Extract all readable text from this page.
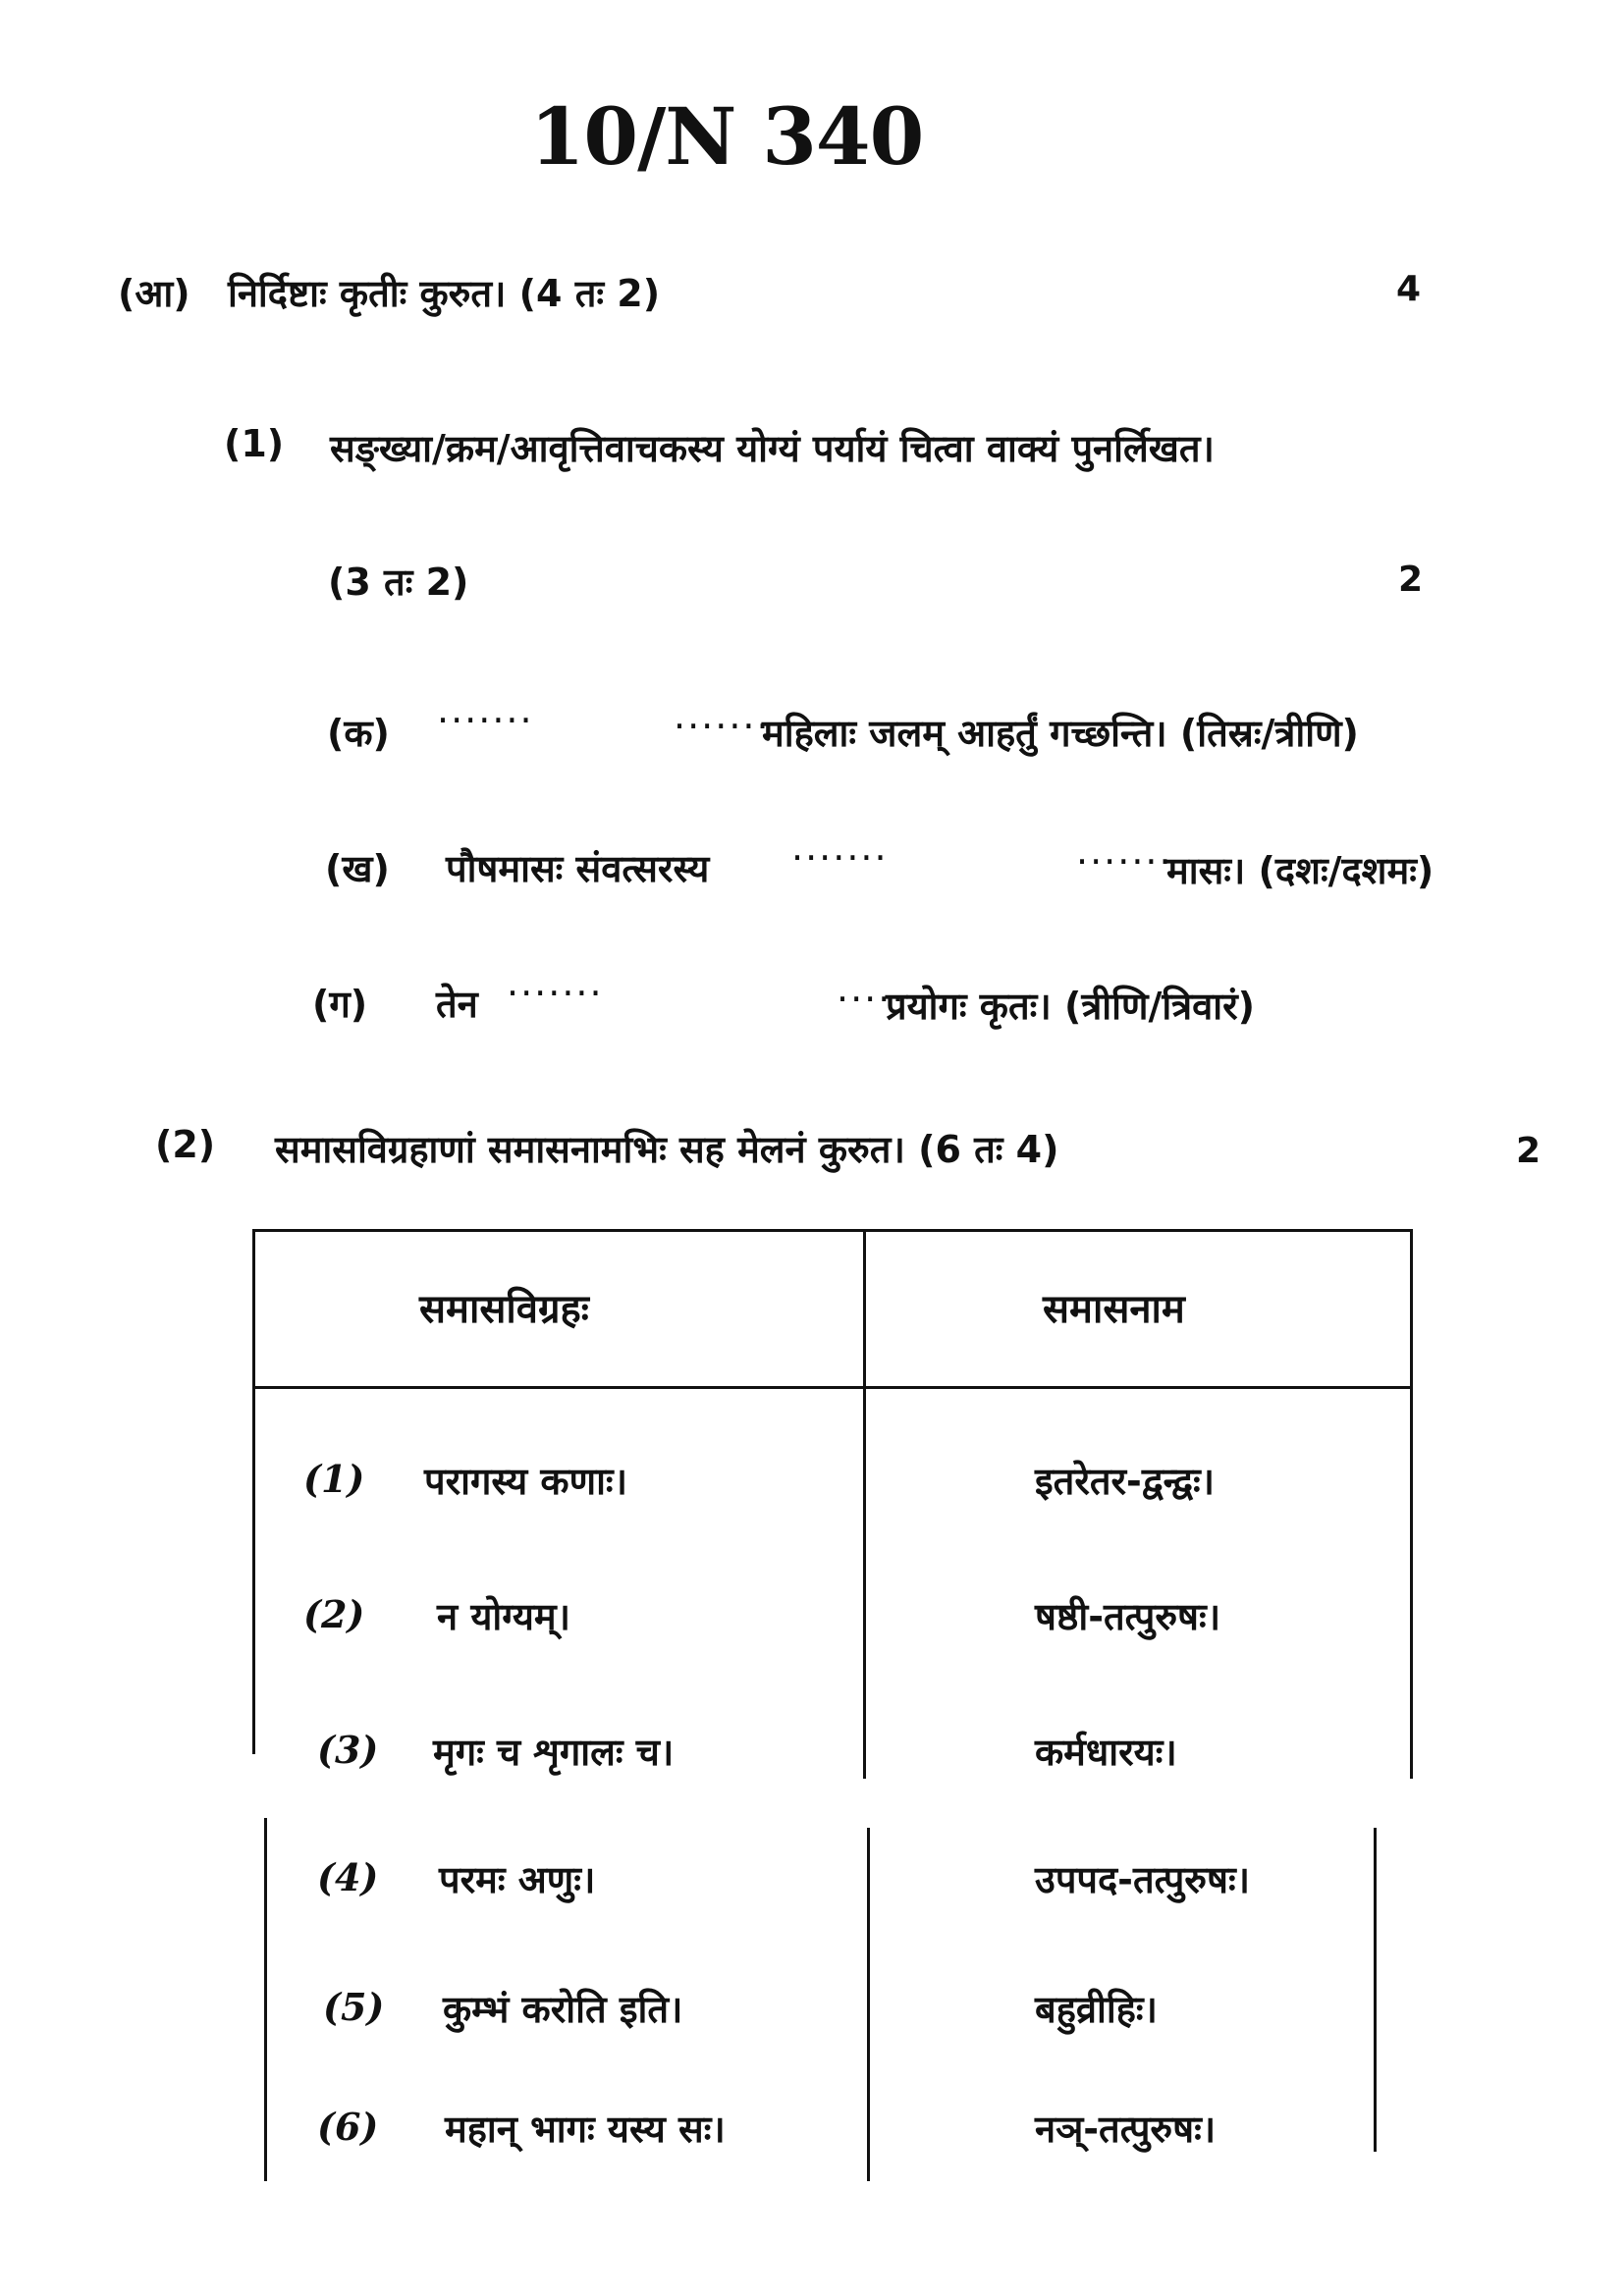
10/N 340
(आ) निर्दिष्टाः कृतीः कुरुत। (4 तः 2)	4
(1) सङ्ख्या/क्रम/आवृत्तिवाचकस्य योग्यं पर्यायं चित्वा वाक्यं पुनर्लिखत।
(3 तः 2)	2
(क) ·······	·······
महिलाः जलम् आहर्तुं गच्छन्ति। (तिस्रः/त्रीणि)
(ख) पौषमासः संवत्सरस्य ·······	·······
मासः। (दशः/दशमः)
(ग) तेन ·······	·····
प्रयोगः कृतः। (त्रीणि/त्रिवारं)
(2) समासविग्रहाणां समासनामभिः सह मेलनं कुरुत। (6 तः 4)	2
समासविग्रहः	समासनाम
(1) परागस्य कणाः।	इतरेतर-द्वन्द्वः।
(2) न योग्यम्।	षष्ठी-तत्पुरुषः।
(3) मृगः च शृगालः च।	कर्मधारयः।
(4) परमः अणुः।	उपपद-तत्पुरुषः।
(5) कुम्भं करोति इति।	बहुव्रीहिः।
(6) महान् भागः यस्य सः।	नञ्-तत्पुरुषः।
